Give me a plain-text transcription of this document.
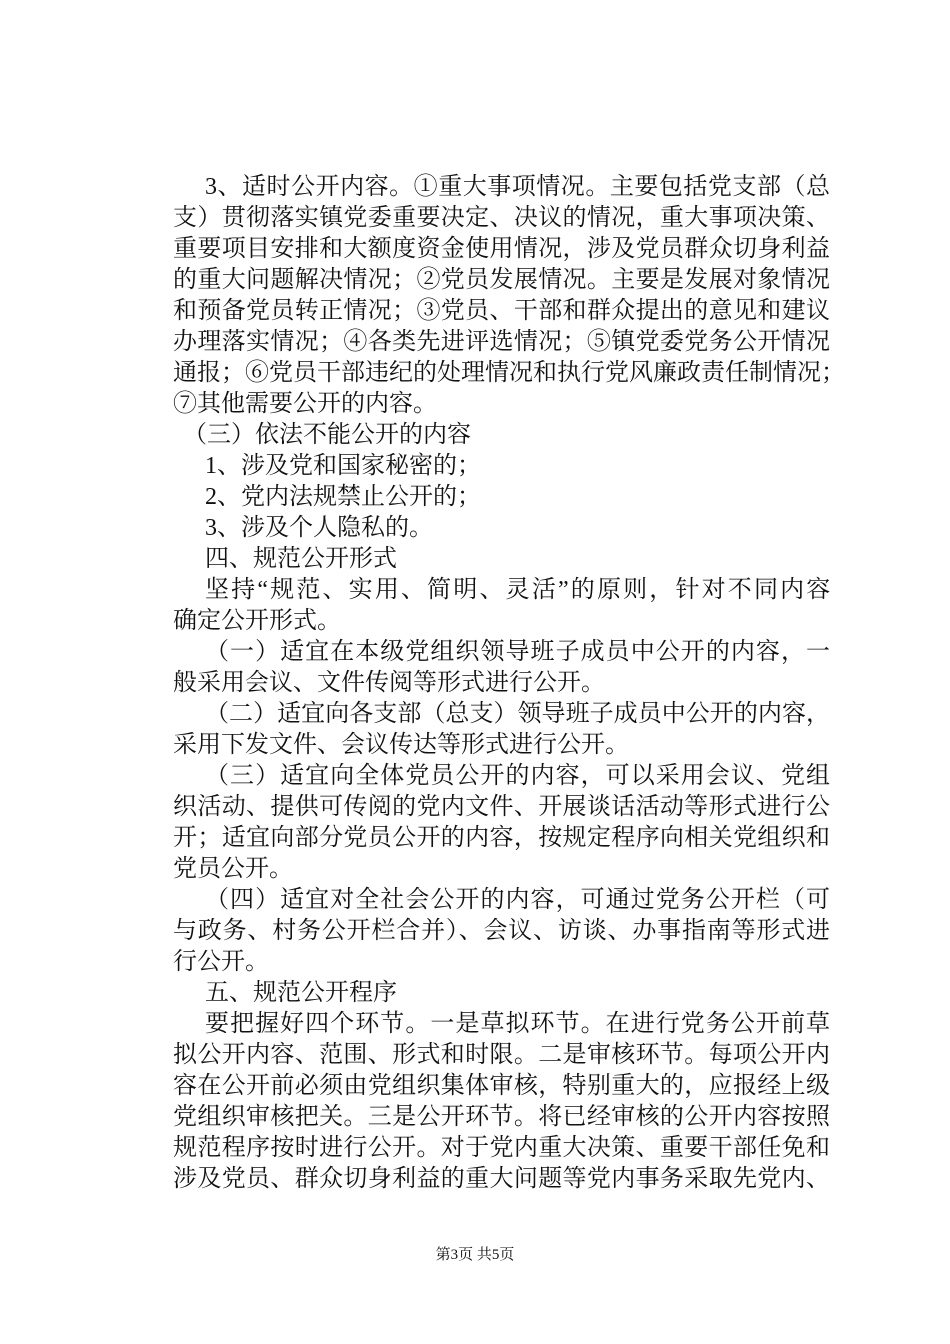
3、适时公开内容。①重大事项情况。主要包括党支部（总
支）贯彻落实镇党委重要决定、决议的情况，重大事项决策、
重要项目安排和大额度资金使用情况，涉及党员群众切身利益
的重大问题解决情况；②党员发展情况。主要是发展对象情况
和预备党员转正情况；③党员、干部和群众提出的意见和建议
办理落实情况；④各类先进评选情况；⑤镇党委党务公开情况
通报；⑥党员干部违纪的处理情况和执行党风廉政责任制情况；
⑦其他需要公开的内容。
（三）依法不能公开的内容
1、涉及党和国家秘密的；
2、党内法规禁止公开的；
3、涉及个人隐私的。
四、规范公开形式
坚持“规范、实用、简明、灵活”的原则，针对不同内容
确定公开形式。
（一）适宜在本级党组织领导班子成员中公开的内容，一
般采用会议、文件传阅等形式进行公开。
（二）适宜向各支部（总支）领导班子成员中公开的内容，
采用下发文件、会议传达等形式进行公开。
（三）适宜向全体党员公开的内容，可以采用会议、党组
织活动、提供可传阅的党内文件、开展谈话活动等形式进行公
开；适宜向部分党员公开的内容，按规定程序向相关党组织和
党员公开。
（四）适宜对全社会公开的内容，可通过党务公开栏（可
与政务、村务公开栏合并）、会议、访谈、办事指南等形式进
行公开。
五、规范公开程序
要把握好四个环节。一是草拟环节。在进行党务公开前草
拟公开内容、范围、形式和时限。二是审核环节。每项公开内
容在公开前必须由党组织集体审核，特别重大的，应报经上级
党组织审核把关。三是公开环节。将已经审核的公开内容按照
规范程序按时进行公开。对于党内重大决策、重要干部任免和
涉及党员、群众切身利益的重大问题等党内事务采取先党内、
第3页 共5页
